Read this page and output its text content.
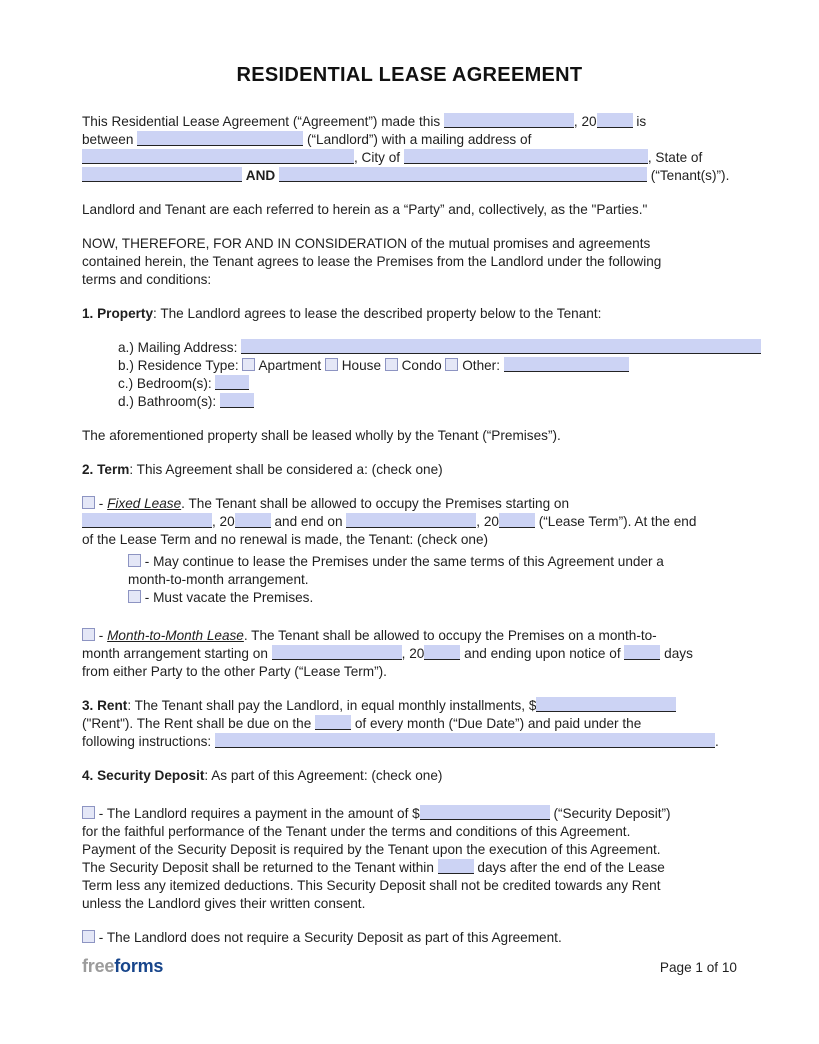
RESIDENTIAL LEASE AGREEMENT

This Residential Lease Agreement (“Agreement”) made this	, 20	is
between	(“Landlord”) with a mailing address of
, City of	, State of
AND	(“Tenant(s)”).

Landlord and Tenant are each referred to herein as a “Party” and, collectively, as the "Parties."

NOW, THEREFORE, FOR AND IN CONSIDERATION of the mutual promises and agreements
contained herein, the Tenant agrees to lease the Premises from the Landlord under the following
terms and conditions:

1. Property: The Landlord agrees to lease the described property below to the Tenant:

a.) Mailing Address:

b.) Residence Type:  Apartment  House  Condo  Other:

c.) Bedroom(s):

d.) Bathroom(s):

The aforementioned property shall be leased wholly by the Tenant (“Premises”).

2. Term: This Agreement shall be considered a: (check one)

- Fixed Lease. The Tenant shall be allowed to occupy the Premises starting on
, 20	and end on	, 20	(“Lease Term”). At the end
of the Lease Term and no renewal is made, the Tenant: (check one)

- May continue to lease the Premises under the same terms of this Agreement under a
month-to-month arrangement.

- Must vacate the Premises.

- Month-to-Month Lease. The Tenant shall be allowed to occupy the Premises on a month-to-
month arrangement starting on	, 20	and ending upon notice of	days
from either Party to the other Party (“Lease Term”).

3. Rent: The Tenant shall pay the Landlord, in equal monthly installments, $
("Rent"). The Rent shall be due on the	of every month (“Due Date”) and paid under the
following instructions:	.

4. Security Deposit: As part of this Agreement: (check one)

- The Landlord requires a payment in the amount of $	(“Security Deposit”)
for the faithful performance of the Tenant under the terms and conditions of this Agreement.
Payment of the Security Deposit is required by the Tenant upon the execution of this Agreement.
The Security Deposit shall be returned to the Tenant within	days after the end of the Lease
Term less any itemized deductions. This Security Deposit shall not be credited towards any Rent
unless the Landlord gives their written consent.

- The Landlord does not require a Security Deposit as part of this Agreement.

freeforms	Page 1 of 10
